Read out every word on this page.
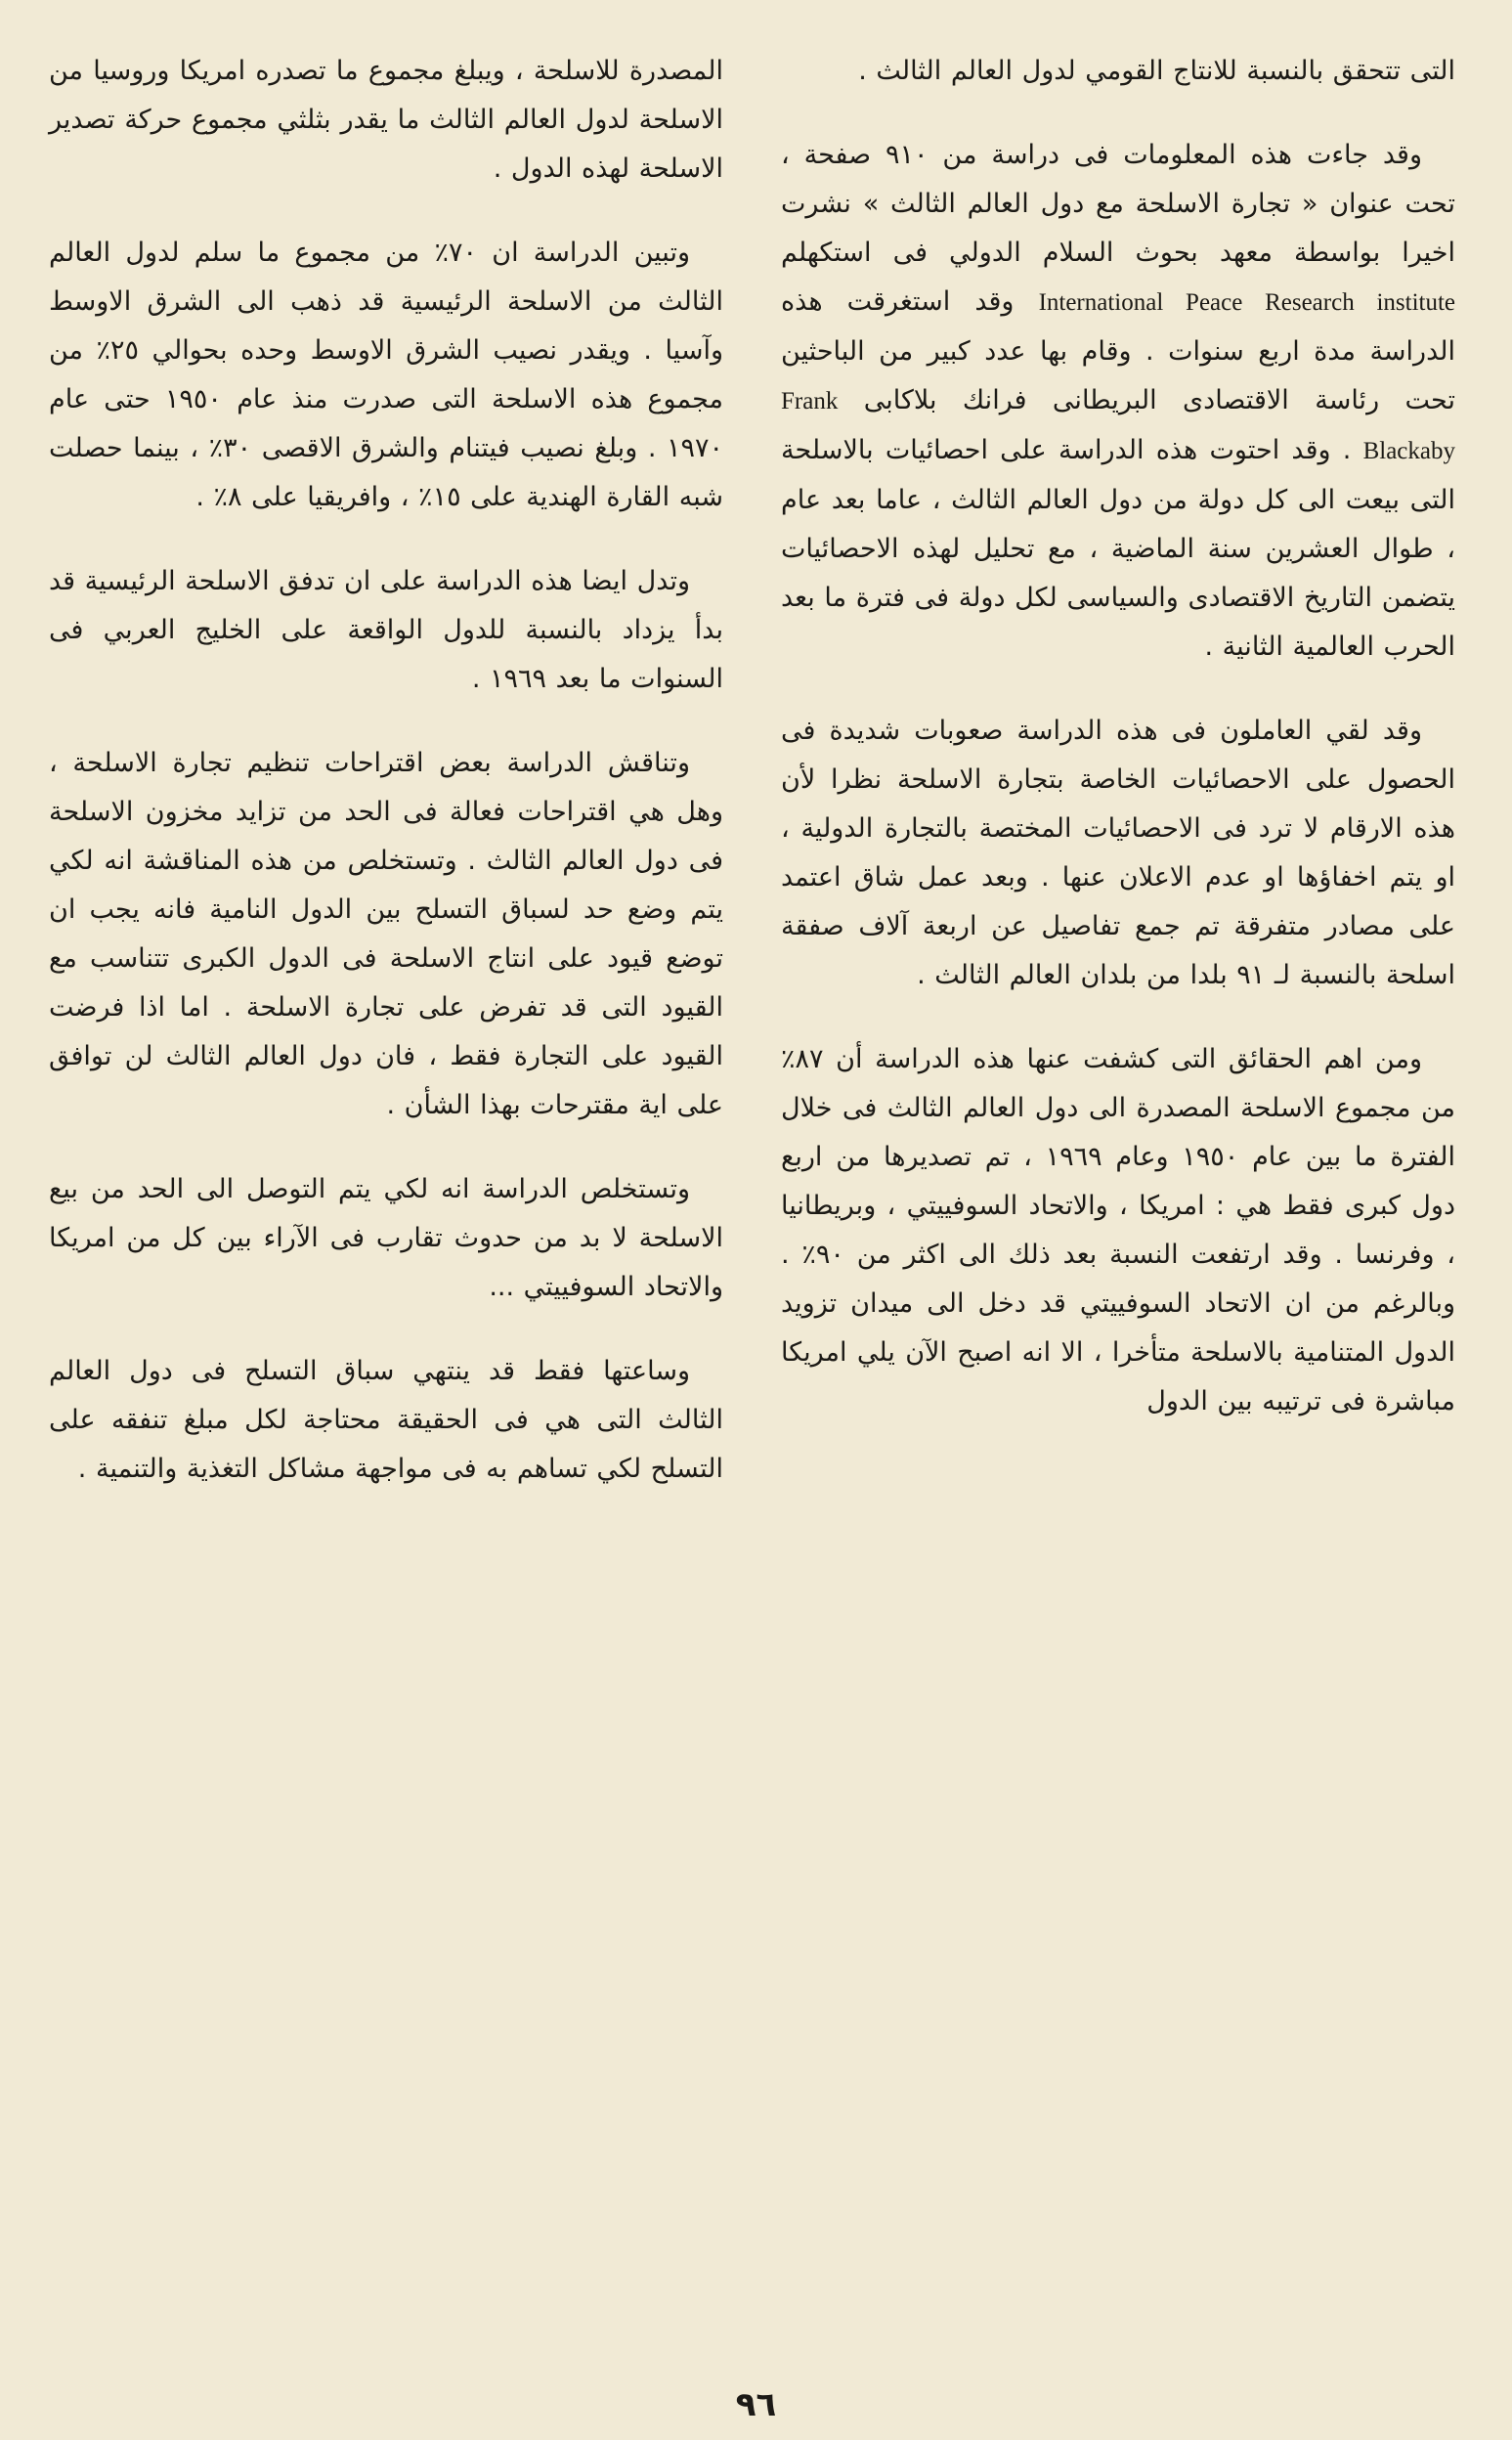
التى تتحقق بالنسبة للانتاج القومي لدول العالم الثالث .

وقد جاءت هذه المعلومات فى دراسة من ٩١٠ صفحة ، تحت عنوان « تجارة الاسلحة مع دول العالم الثالث » نشرت اخيرا بواسطة معهد بحوث السلام الدولي فى استكهلم International Peace Research institute وقد استغرقت هذه الدراسة مدة اربع سنوات . وقام بها عدد كبير من الباحثين تحت رئاسة الاقتصادى البريطانى فرانك بلاكابى Frank Blackaby . وقد احتوت هذه الدراسة على احصائيات بالاسلحة التى بيعت الى كل دولة من دول العالم الثالث ، عاما بعد عام ، طوال العشرين سنة الماضية ، مع تحليل لهذه الاحصائيات يتضمن التاريخ الاقتصادى والسياسى لكل دولة فى فترة ما بعد الحرب العالمية الثانية .

وقد لقي العاملون فى هذه الدراسة صعوبات شديدة فى الحصول على الاحصائيات الخاصة بتجارة الاسلحة نظرا لأن هذه الارقام لا ترد فى الاحصائيات المختصة بالتجارة الدولية ، او يتم اخفاؤها او عدم الاعلان عنها . وبعد عمل شاق اعتمد على مصادر متفرقة تم جمع تفاصيل عن اربعة آلاف صفقة اسلحة بالنسبة لـ ٩١ بلدا من بلدان العالم الثالث .

ومن اهم الحقائق التى كشفت عنها هذه الدراسة أن ٨٧٪ من مجموع الاسلحة المصدرة الى دول العالم الثالث فى خلال الفترة ما بين عام ١٩٥٠ وعام ١٩٦٩ ، تم تصديرها من اربع دول كبرى فقط هي : امريكا ، والاتحاد السوفييتي ، وبريطانيا ، وفرنسا . وقد ارتفعت النسبة بعد ذلك الى اكثر من ٩٠٪ . وبالرغم من ان الاتحاد السوفييتي قد دخل الى ميدان تزويد الدول المتنامية بالاسلحة متأخرا ، الا انه اصبح الآن يلي امريكا مباشرة فى ترتيبه بين الدول

المصدرة للاسلحة ، ويبلغ مجموع ما تصدره امريكا وروسيا من الاسلحة لدول العالم الثالث ما يقدر بثلثي مجموع حركة تصدير الاسلحة لهذه الدول .

وتبين الدراسة ان ٧٠٪ من مجموع ما سلم لدول العالم الثالث من الاسلحة الرئيسية قد ذهب الى الشرق الاوسط وآسيا . ويقدر نصيب الشرق الاوسط وحده بحوالي ٢٥٪ من مجموع هذه الاسلحة التى صدرت منذ عام ١٩٥٠ حتى عام ١٩٧٠ . وبلغ نصيب فيتنام والشرق الاقصى ٣٠٪ ، بينما حصلت شبه القارة الهندية على ١٥٪ ، وافريقيا على ٨٪ .

وتدل ايضا هذه الدراسة على ان تدفق الاسلحة الرئيسية قد بدأ يزداد بالنسبة للدول الواقعة على الخليج العربي فى السنوات ما بعد ١٩٦٩ .

وتناقش الدراسة بعض اقتراحات تنظيم تجارة الاسلحة ، وهل هي اقتراحات فعالة فى الحد من تزايد مخزون الاسلحة فى دول العالم الثالث . وتستخلص من هذه المناقشة انه لكي يتم وضع حد لسباق التسلح بين الدول النامية فانه يجب ان توضع قيود على انتاج الاسلحة فى الدول الكبرى تتناسب مع القيود التى قد تفرض على تجارة الاسلحة . اما اذا فرضت القيود على التجارة فقط ، فان دول العالم الثالث لن توافق على اية مقترحات بهذا الشأن .

وتستخلص الدراسة انه لكي يتم التوصل الى الحد من بيع الاسلحة لا بد من حدوث تقارب فى الآراء بين كل من امريكا والاتحاد السوفييتي ...

وساعتها فقط قد ينتهي سباق التسلح فى دول العالم الثالث التى هي فى الحقيقة محتاجة لكل مبلغ تنفقه على التسلح لكي تساهم به فى مواجهة مشاكل التغذية والتنمية .

٩٦
